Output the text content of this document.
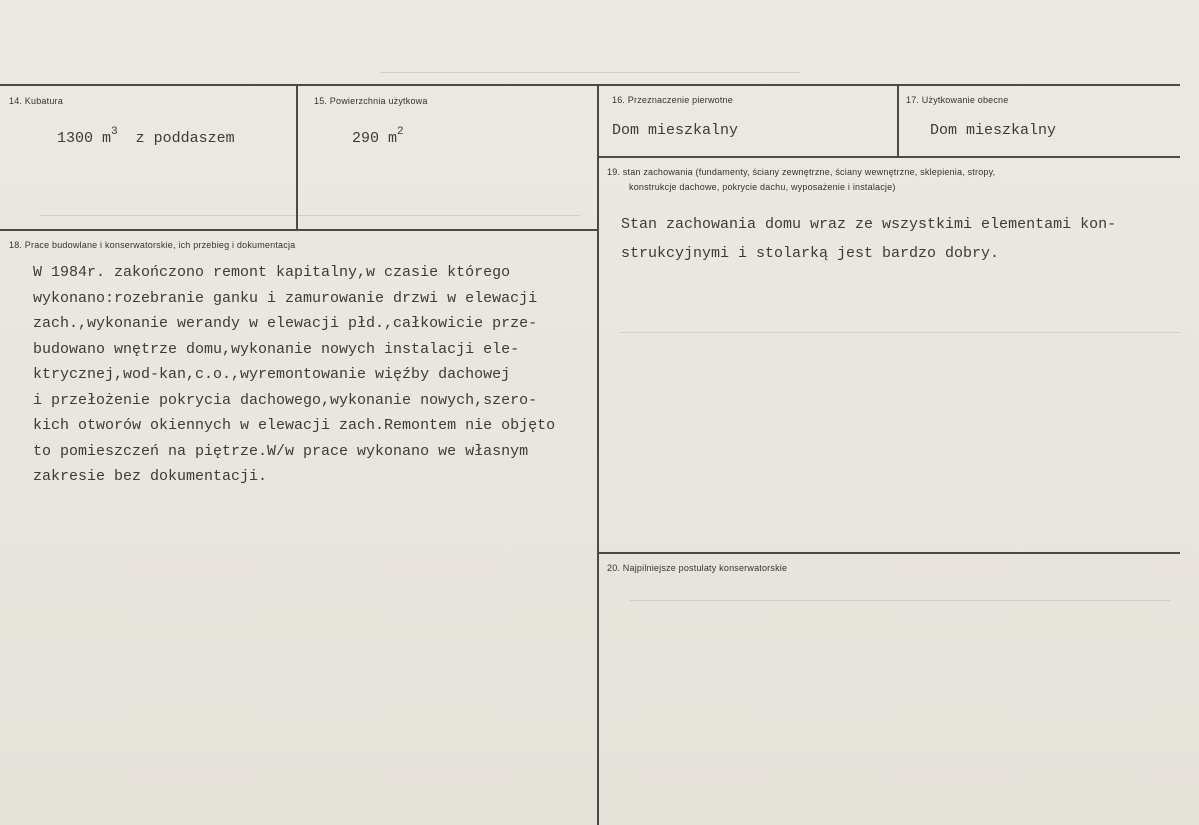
14. Kubatura
1300 $m^3$ z poddaszem
15. Powierzchnia użytkowa
290 $m^2$
16. Przeznaczenie pierwotne
Dom mieszkalny
17. Użytkowanie obecne
Dom mieszkalny
18. Prace budowlane i konserwatorskie, ich przebieg i dokumentacja
W 1984r. zakończono remont kapitalny,w czasie którego
wykonano:rozebranie ganku i zamurowanie drzwi w elewacji
zach.,wykonanie werandy w elewacji płd.,całkowicie prze-
budowano wnętrze domu,wykonanie nowych instalacji ele-
ktrycznej,wod-kan,c.o.,wyremontowanie więźby dachowej
i przełożenie pokrycia dachowego,wykonanie nowych,szero-
kich otworów okiennych w elewacji zach.Remontem nie objęto
to pomieszczeń na piętrze.W/w prace wykonano we własnym
zakresie bez dokumentacji.
19. stan zachowania (fundamenty, ściany zewnętrzne, ściany wewnętrzne, sklepienia, stropy,
konstrukcje dachowe, pokrycie dachu, wyposażenie i instalacje)
Stan zachowania domu wraz ze wszystkimi elementami kon-
strukcyjnymi i stolarką jest bardzo dobry.
20. Najpilniejsze postulaty konserwatorskie
